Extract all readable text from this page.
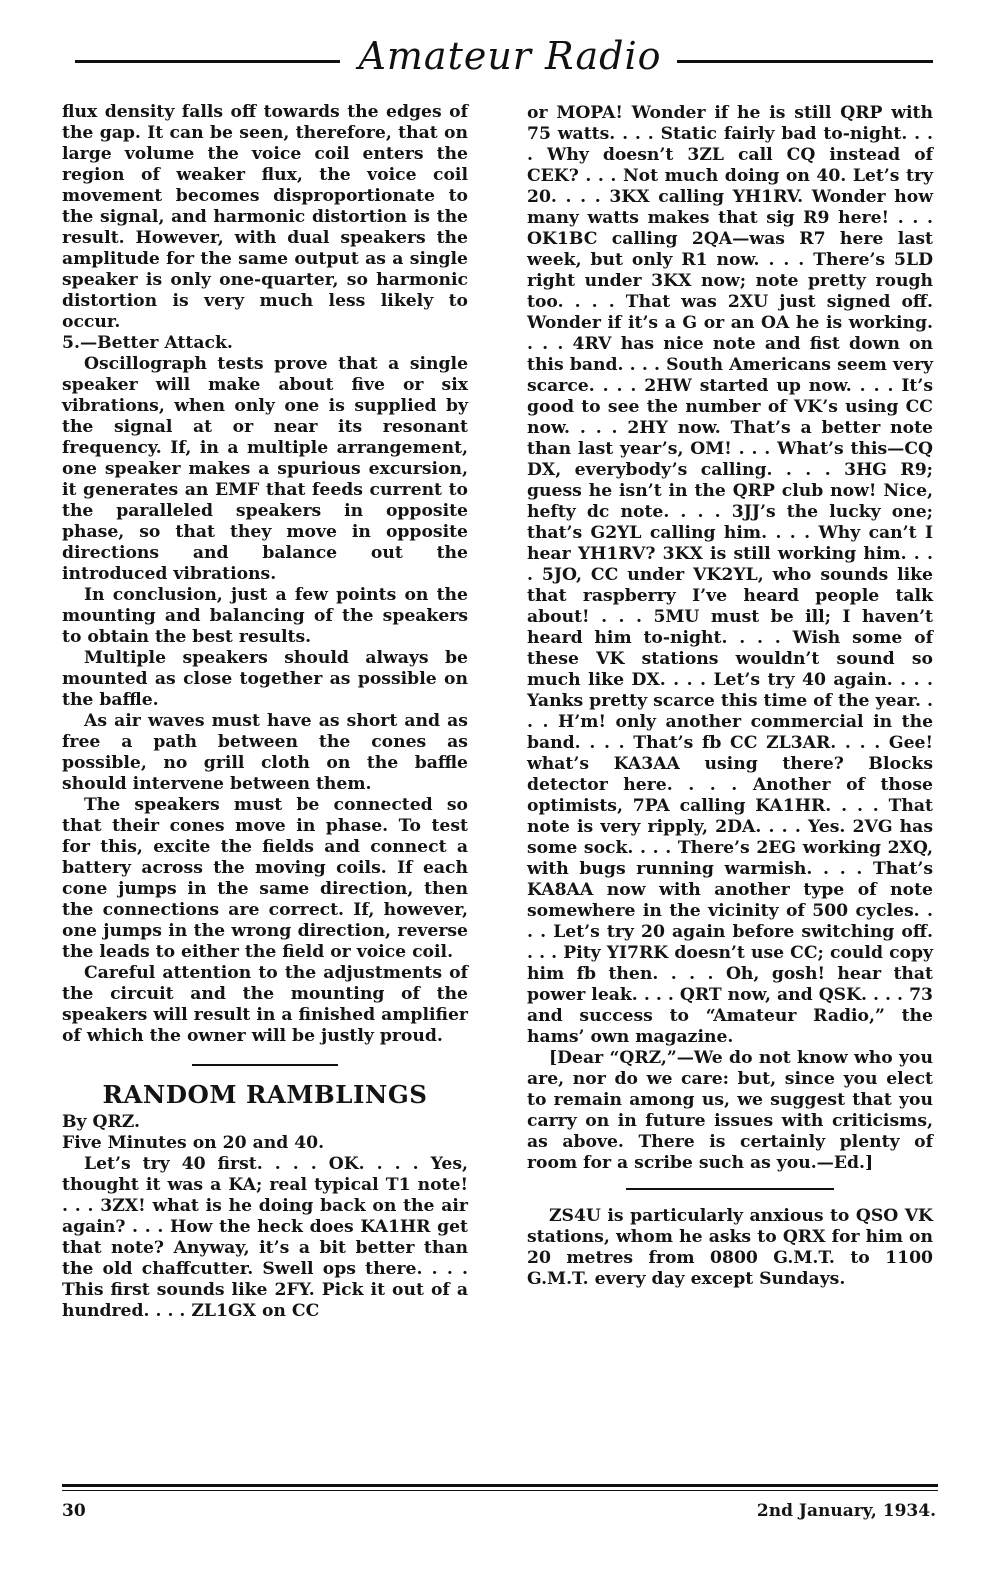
Amateur Radio

flux density falls off towards the edges of the gap. It can be seen, therefore, that on large volume the voice coil enters the region of weaker flux, the voice coil movement becomes disproportionate to the signal, and harmonic distortion is the result. However, with dual speakers the amplitude for the same output as a single speaker is only one-quarter, so harmonic distortion is very much less likely to occur.

5.—Better Attack.

Oscillograph tests prove that a single speaker will make about five or six vibrations, when only one is supplied by the signal at or near its resonant frequency. If, in a multiple arrangement, one speaker makes a spurious excursion, it generates an EMF that feeds current to the paralleled speakers in opposite phase, so that they move in opposite directions and balance out the introduced vibrations.

In conclusion, just a few points on the mounting and balancing of the speakers to obtain the best results.

Multiple speakers should always be mounted as close together as possible on the baffle.

As air waves must have as short and as free a path between the cones as possible, no grill cloth on the baffle should intervene between them.

The speakers must be connected so that their cones move in phase. To test for this, excite the fields and connect a battery across the moving coils. If each cone jumps in the same direction, then the connections are correct. If, however, one jumps in the wrong direction, reverse the leads to either the field or voice coil.

Careful attention to the adjustments of the circuit and the mounting of the speakers will result in a finished amplifier of which the owner will be justly proud.

RANDOM RAMBLINGS

By QRZ.

Five Minutes on 20 and 40.

Let’s try 40 first. . . . OK. . . . Yes, thought it was a KA; real typical T1 note! . . . 3ZX! what is he doing back on the air again? . . . How the heck does KA1HR get that note? Anyway, it’s a bit better than the old chaffcutter. Swell ops there. . . . This first sounds like 2FY. Pick it out of a hundred. . . . ZL1GX on CC

or MOPA! Wonder if he is still QRP with 75 watts. . . . Static fairly bad to-night. . . . Why doesn’t 3ZL call CQ instead of CEK? . . . Not much doing on 40. Let’s try 20. . . . 3KX calling YH1RV. Wonder how many watts makes that sig R9 here! . . . OK1BC calling 2QA—was R7 here last week, but only R1 now. . . . There’s 5LD right under 3KX now; note pretty rough too. . . . That was 2XU just signed off. Wonder if it’s a G or an OA he is working. . . . 4RV has nice note and fist down on this band. . . . South Americans seem very scarce. . . . 2HW started up now. . . . It’s good to see the number of VK’s using CC now. . . . 2HY now. That’s a better note than last year’s, OM! . . . What’s this—CQ DX, everybody’s calling. . . . 3HG R9; guess he isn’t in the QRP club now! Nice, hefty dc note. . . . 3JJ’s the lucky one; that’s G2YL calling him. . . . Why can’t I hear YH1RV? 3KX is still working him. . . . 5JO, CC under VK2YL, who sounds like that raspberry I’ve heard people talk about! . . . 5MU must be ill; I haven’t heard him to-night. . . . Wish some of these VK stations wouldn’t sound so much like DX. . . . Let’s try 40 again. . . . Yanks pretty scarce this time of the year. . . . H’m! only another commercial in the band. . . . That’s fb CC ZL3AR. . . . Gee! what’s KA3AA using there? Blocks detector here. . . . Another of those optimists, 7PA calling KA1HR. . . . That note is very ripply, 2DA. . . . Yes. 2VG has some sock. . . . There’s 2EG working 2XQ, with bugs running warmish. . . . That’s KA8AA now with another type of note somewhere in the vicinity of 500 cycles. . . . Let’s try 20 again before switching off. . . . Pity YI7RK doesn’t use CC; could copy him fb then. . . . Oh, gosh! hear that power leak. . . . QRT now, and QSK. . . . 73 and success to “Amateur Radio,” the hams’ own magazine.

[Dear “QRZ,”—We do not know who you are, nor do we care: but, since you elect to remain among us, we suggest that you carry on in future issues with criticisms, as above. There is certainly plenty of room for a scribe such as you.—Ed.]

ZS4U is particularly anxious to QSO VK stations, whom he asks to QRX for him on 20 metres from 0800 G.M.T. to 1100 G.M.T. every day except Sundays.

30	2nd January, 1934.
